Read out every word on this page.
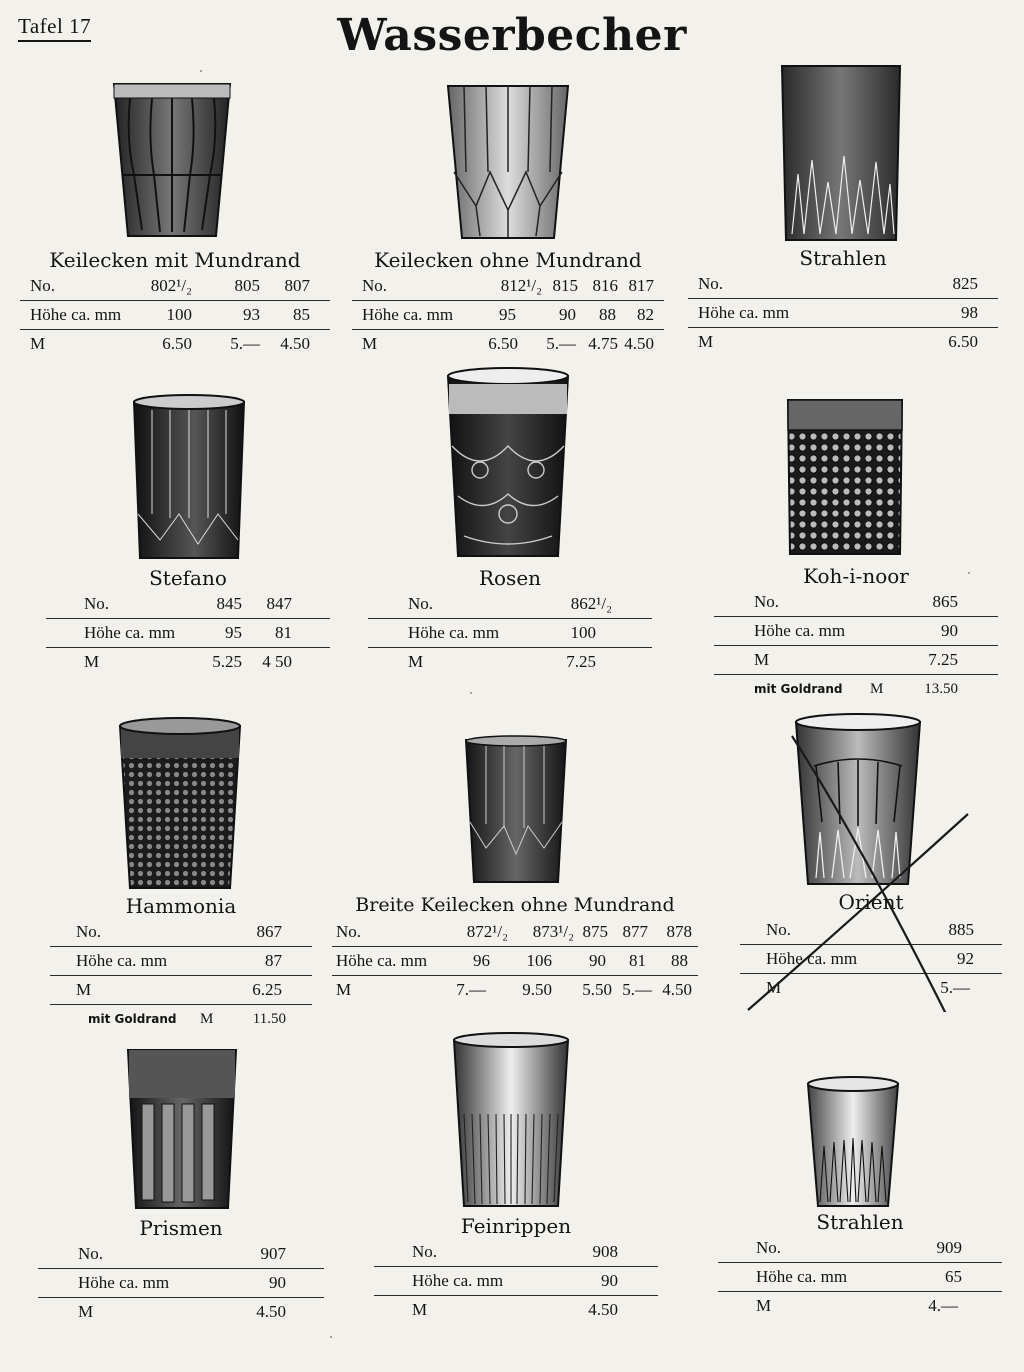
Tafel 17	Wasserbecher
Keilecken mit Mundrand
No.	802¹/₂	805 807
Höhe ca. mm	100	93 85
M	6.50 5.— 4.50
Keilecken ohne Mundrand
No.	812¹/₂ 815 816 817
Höhe ca. mm	95	90 88 82
M	6.50 5.— 4.75 4.50
Strahlen
No.	825
Höhe ca. mm	98
M	6.50
Stefano
No.	845 847
Höhe ca. mm	95 81
M	5.25 4 50
Rosen
No.	862¹/₂
Höhe ca. mm	100
M	7.25
Koh-i-noor
No.	865
Höhe ca. mm	90
M	7.25
mit Goldrand M	13.50
Hammonia
No.	867
Höhe ca. mm	87
M	6.25
mit Goldrand M	11.50
Breite Keilecken ohne Mundrand
No.	872¹/₂ 873¹/₂ 875 877 878
Höhe ca. mm	96 106 90 81 88
M	7.— 9.50 5.50 5.— 4.50
Orient
No.	885
Höhe ca. mm	92
M	5.—
Prismen
No.	907
Höhe ca. mm	90
M	4.50
Feinrippen
No.	908
Höhe ca. mm	90
M	4.50
Strahlen
No.	909
Höhe ca. mm	65
M	4.—
